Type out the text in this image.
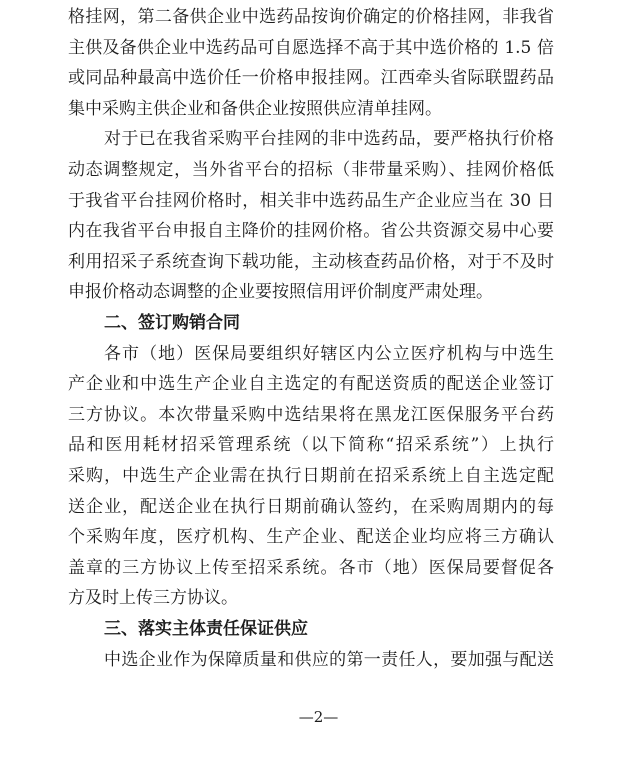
格挂网，第二备供企业中选药品按询价确定的价格挂网，非我省
主供及备供企业中选药品可自愿选择不高于其中选价格的 1.5 倍
或同品种最高中选价任一价格申报挂网。江西牵头省际联盟药品
集中采购主供企业和备供企业按照供应清单挂网。
对于已在我省采购平台挂网的非中选药品，要严格执行价格
动态调整规定，当外省平台的招标（非带量采购）、挂网价格低
于我省平台挂网价格时，相关非中选药品生产企业应当在 30 日
内在我省平台申报自主降价的挂网价格。省公共资源交易中心要
利用招采子系统查询下载功能，主动核查药品价格，对于不及时
申报价格动态调整的企业要按照信用评价制度严肃处理。
二、签订购销合同
各市（地）医保局要组织好辖区内公立医疗机构与中选生
产企业和中选生产企业自主选定的有配送资质的配送企业签订
三方协议。本次带量采购中选结果将在黑龙江医保服务平台药
品和医用耗材招采管理系统（以下简称“招采系统”）上执行
采购，中选生产企业需在执行日期前在招采系统上自主选定配
送企业，配送企业在执行日期前确认签约，在采购周期内的每
个采购年度，医疗机构、生产企业、配送企业均应将三方确认
盖章的三方协议上传至招采系统。各市（地）医保局要督促各
方及时上传三方协议。
三、落实主体责任保证供应
中选企业作为保障质量和供应的第一责任人，要加强与配送
—2—
